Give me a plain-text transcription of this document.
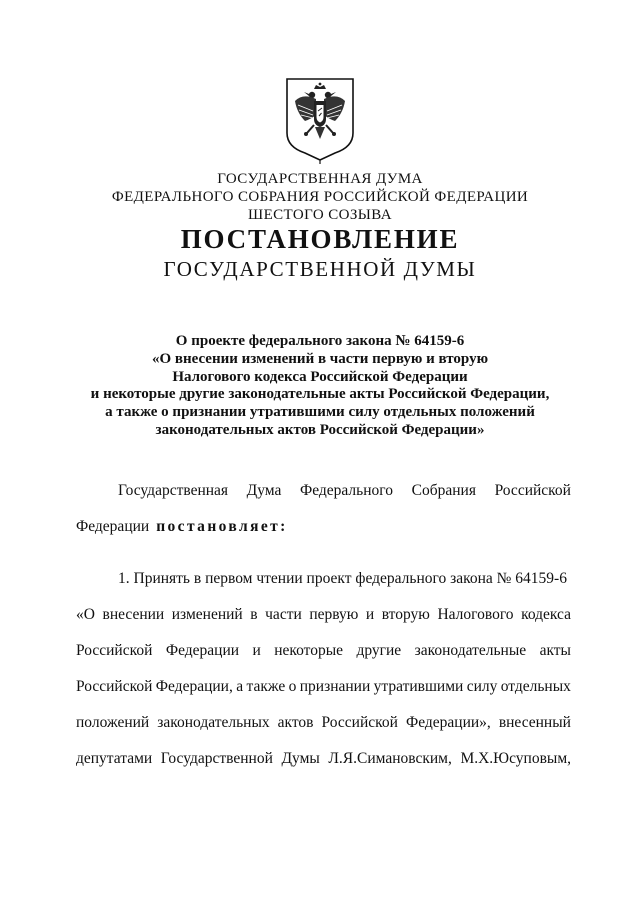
ГОСУДАРСТВЕННАЯ ДУМА
ФЕДЕРАЛЬНОГО СОБРАНИЯ РОССИЙСКОЙ ФЕДЕРАЦИИ
ШЕСТОГО СОЗЫВА
ПОСТАНОВЛЕНИЕ
ГОСУДАРСТВЕННОЙ ДУМЫ
О проекте федерального закона № 64159-6
«О внесении изменений в части первую и вторую
Налогового кодекса Российской Федерации
и некоторые другие законодательные акты Российской Федерации,
а также о признании утратившими силу отдельных положений
законодательных актов Российской Федерации»
Государственная Дума Федерального Собрания Российской
Федерации постановляет:
1. Принять в первом чтении проект федерального закона № 64159-6
«О внесении изменений в части первую и вторую Налогового кодекса
Российской Федерации и некоторые другие законодательные акты
Российской Федерации, а также о признании утратившими силу отдельных
положений законодательных актов Российской Федерации», внесенный
депутатами Государственной Думы Л.Я.Симановским, М.Х.Юсуповым,
